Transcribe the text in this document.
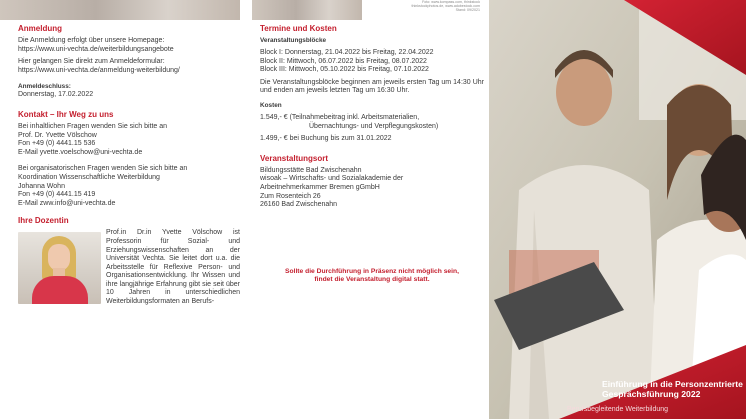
Foto: www.kompass.com, thinkstock
thinkstockphotos.de, www.adobestock.com
Stand: 09/2021
Anmeldung

Die Anmeldung erfolgt über unsere Homepage:

https://www.uni-vechta.de/weiterbildungsangebote

Hier gelangen Sie direkt zum Anmeldeformular:

https://www.uni-vechta.de/anmeldung-weiterbildung/

Anmeldeschluss:

Donnerstag, 17.02.2022

Kontakt – Ihr Weg zu uns

Bei inhaltlichen Fragen wenden Sie sich bitte an

Prof. Dr. Yvette Völschow

Fon +49 (0) 4441.15 536

E-Mail yvette.voelschow@uni-vechta.de

Bei organisatorischen Fragen wenden Sie sich bitte an

Koordination Wissenschaftliche Weiterbildung

Johanna Wohn

Fon +49 (0) 4441.15 419

E-Mail zww.info@uni-vechta.de

Ihre Dozentin

Prof.in Dr.in Yvette Völschow ist Professorin für Sozial- und Erziehungswissenschaften an der Universität Vechta. Sie leitet dort u.a. die Arbeitsstelle für Reflexive Person- und Organisationsentwicklung. Ihr Wissen und ihre langjährige Erfahrung gibt sie seit über 10 Jahren in unterschiedlichen Weiterbildungsformaten an Berufs-

Termine und Kosten
Veranstaltungsblöcke

Block I: Donnerstag, 21.04.2022 bis Freitag, 22.04.2022

Block II: Mittwoch, 06.07.2022 bis Freitag, 08.07.2022

Block III: Mittwoch, 05.10.2022 bis Freitag, 07.10.2022

Die Veranstaltungsblöcke beginnen am jeweils ersten Tag um 14:30 Uhr und enden am jeweils letzten Tag um 16:30 Uhr.

Kosten

1.549,- € (Teilnahmebeitrag inkl. Arbeitsmaterialien,

Übernachtungs- und Verpflegungskosten)

1.499,- € bei Buchung bis zum 31.01.2022

Veranstaltungsort

Bildungsstätte Bad Zwischenahn

wisoak – Wirtschafts- und Sozialakademie der

Arbeitnehmerkammer Bremen gGmbH

Zum Rosenteich 26

26160 Bad Zwischenahn

Sollte die Durchführung in Präsenz nicht möglich sein,
findet die Veranstaltung digital statt.
Einführung in die Personzentrierte
Gesprächsführung 2022
Berufsbegleitende Weiterbildung
